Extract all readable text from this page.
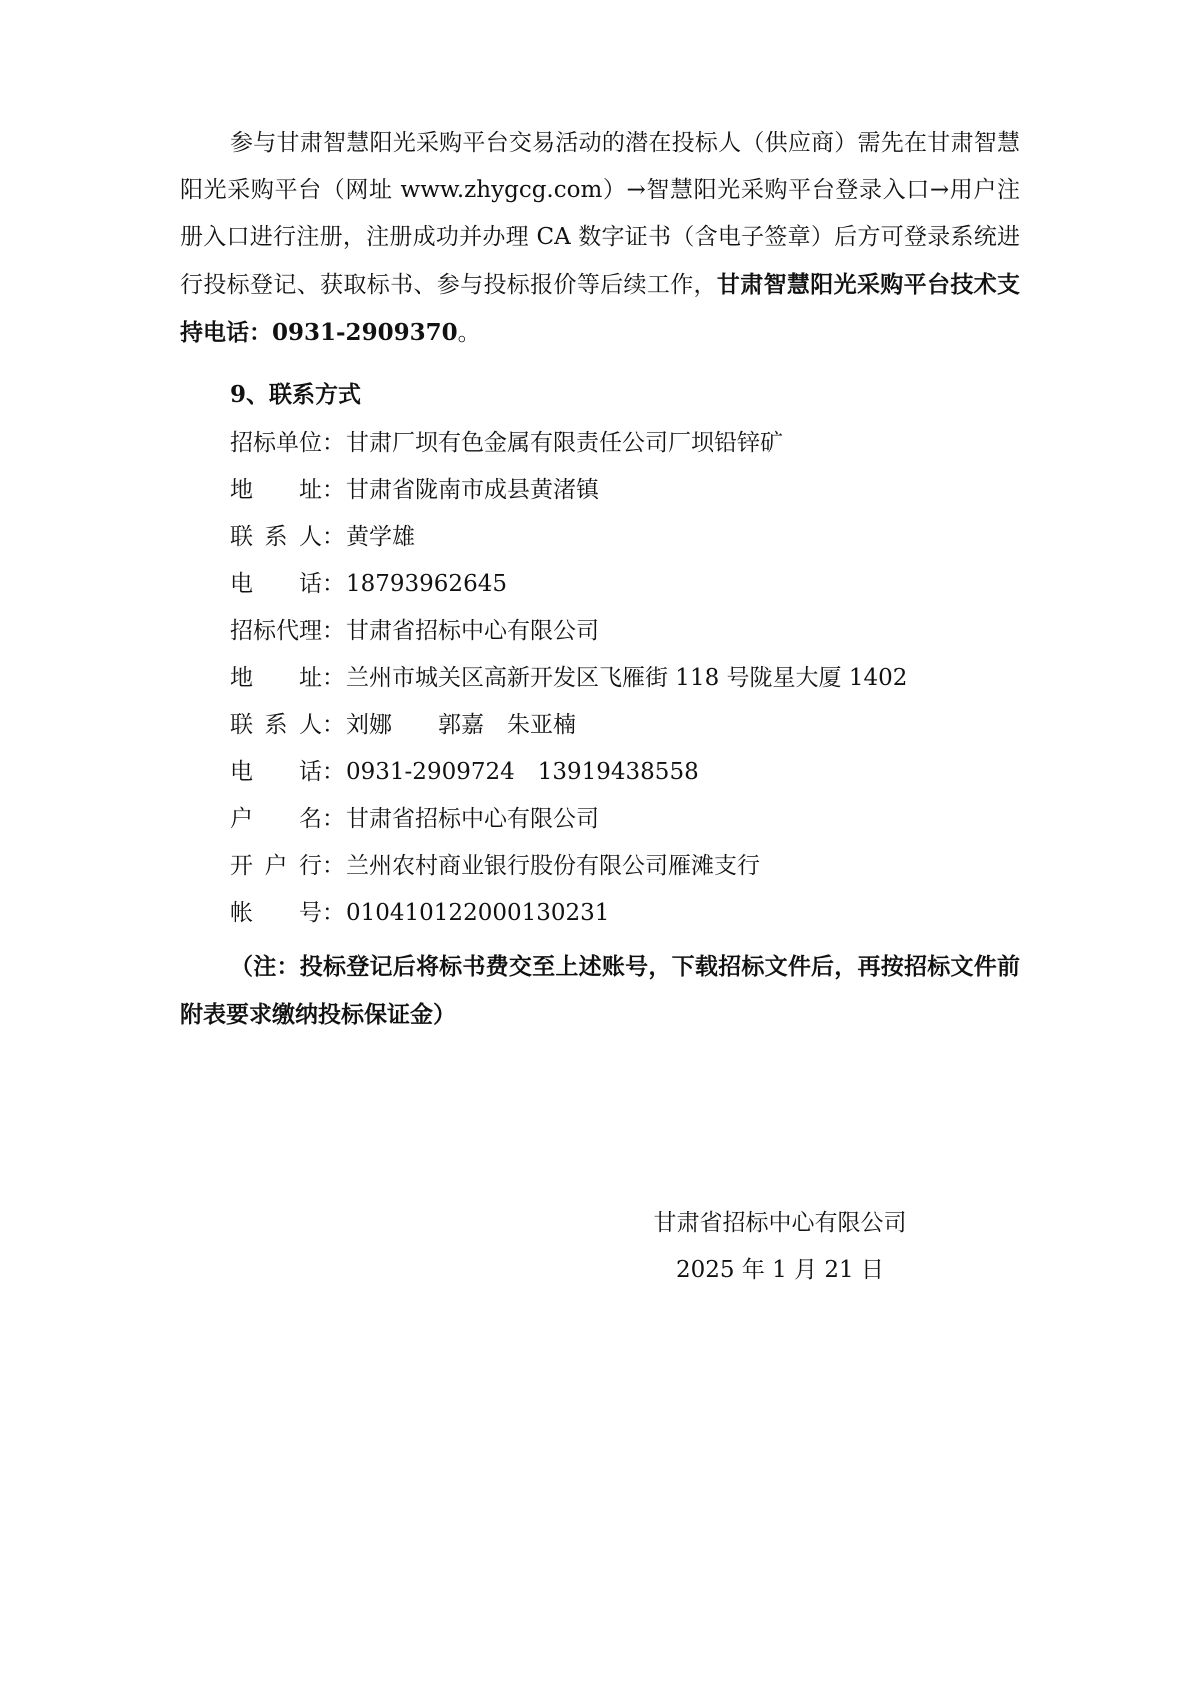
参与甘肃智慧阳光采购平台交易活动的潜在投标人（供应商）需先在甘肃智慧阳光采购平台（网址 www.zhygcg.com）→智慧阳光采购平台登录入口→用户注册入口进行注册，注册成功并办理 CA 数字证书（含电子签章）后方可登录系统进行投标登记、获取标书、参与投标报价等后续工作，甘肃智慧阳光采购平台技术支持电话：0931-2909370。

9、联系方式

招 标 单 位 ： 甘肃厂坝有色金属有限责任公司厂坝铅锌矿
地 址 ： 甘肃省陇南市成县黄渚镇
联 系 人 ： 黄学雄
电 话 ： 18793962645
招 标 代 理 ： 甘肃省招标中心有限公司
地 址 ： 兰州市城关区高新开发区飞雁街 118 号陇星大厦 1402
联 系 人 ： 刘娜　　郭嘉　朱亚楠
电 话 ： 0931-2909724　13919438558
户 名 ： 甘肃省招标中心有限公司
开 户 行 ： 兰州农村商业银行股份有限公司雁滩支行
帐 号 ： 010410122000130231

（注：投标登记后将标书费交至上述账号，下载招标文件后，再按招标文件前附表要求缴纳投标保证金）

甘肃省招标中心有限公司

2025 年 1 月 21 日
